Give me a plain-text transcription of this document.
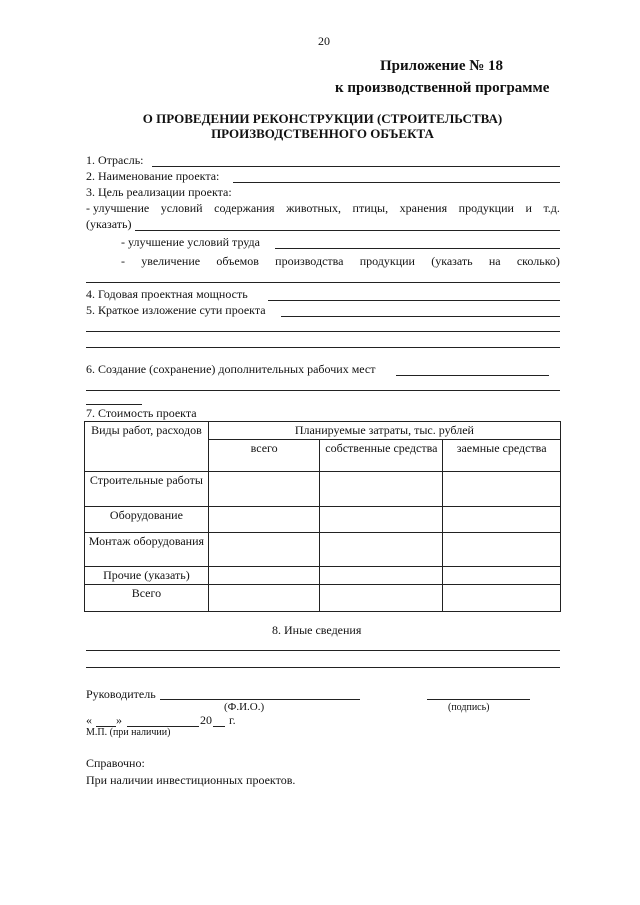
20
Приложение № 18
к производственной программе
О ПРОВЕДЕНИИ РЕКОНСТРУКЦИИ (СТРОИТЕЛЬСТВА)
ПРОИЗВОДСТВЕННОГО ОБЪЕКТА
1. Отрасль:
2. Наименование проекта:
3. Цель реализации проекта:
- улучшение условий содержания животных, птицы, хранения продукции и т.д.
(указать)
- улучшение условий труда
- увеличение объемов производства продукции (указать на сколько)
4. Годовая проектная мощность
5. Краткое изложение сути проекта
6. Создание (сохранение) дополнительных рабочих мест
7. Стоимость проекта
Виды работ, расходов	Планируемые затраты, тыс. рублей		
	всего	собственные средства	заемные средства
Строительные работы			
Оборудование			
Монтаж оборудования			
Прочие (указать)			
Всего			
8. Иные сведения
Руководитель
(Ф.И.О.)	(подпись)
« »	20 г.
М.П. (при наличии)
Справочно:
При наличии инвестиционных проектов.
